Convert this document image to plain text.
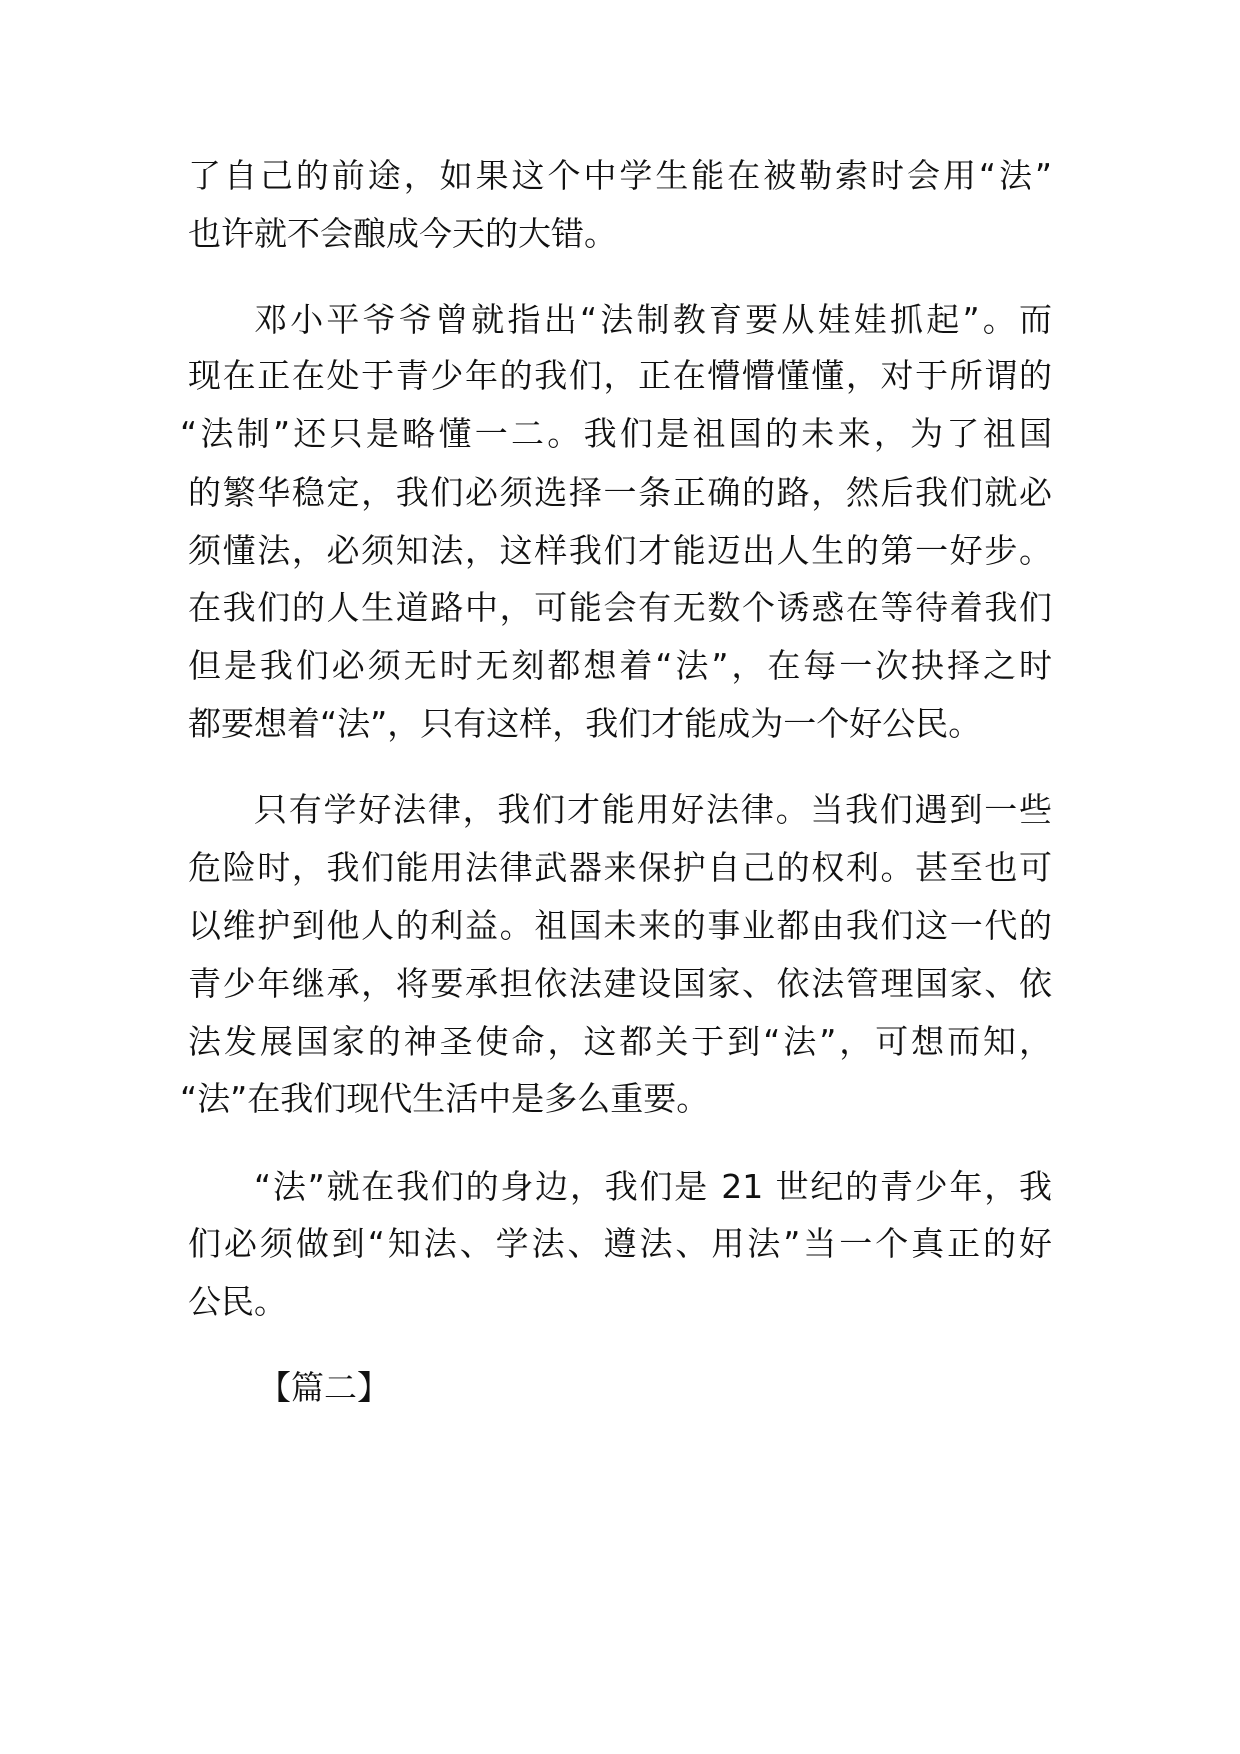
了自己的前途，如果这个中学生能在被勒索时会用“法”
也许就不会酿成今天的大错。
邓小平爷爷曾就指出“法制教育要从娃娃抓起”。而
现在正在处于青少年的我们，正在懵懵懂懂，对于所谓的
“法制”还只是略懂一二。我们是祖国的未来，为了祖国
的繁华稳定，我们必须选择一条正确的路，然后我们就必
须懂法，必须知法，这样我们才能迈出人生的第一好步。
在我们的人生道路中，可能会有无数个诱惑在等待着我们
但是我们必须无时无刻都想着“法”，在每一次抉择之时
都要想着“法”，只有这样，我们才能成为一个好公民。
只有学好法律，我们才能用好法律。当我们遇到一些
危险时，我们能用法律武器来保护自己的权利。甚至也可
以维护到他人的利益。祖国未来的事业都由我们这一代的
青少年继承，将要承担依法建设国家、依法管理国家、依
法发展国家的神圣使命，这都关于到“法”，可想而知，
“法”在我们现代生活中是多么重要。
“法”就在我们的身边，我们是 21 世纪的青少年，我
们必须做到“知法、学法、遵法、用法”当一个真正的好
公民。
【篇二】
